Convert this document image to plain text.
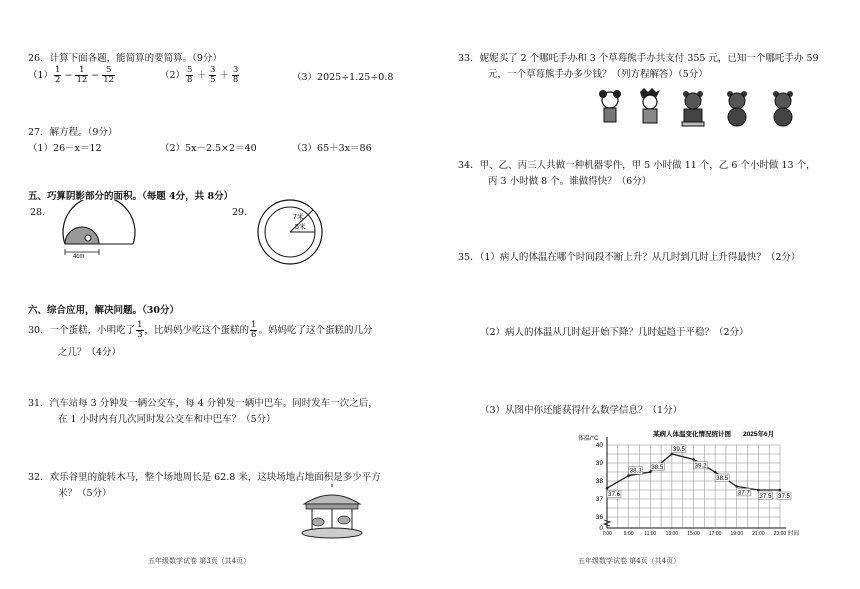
26．计算下面各题，能简算的要简算。（9分）
$(1) \frac{1}{2} - \frac{1}{12} - \frac{5}{12}$	$(2) \frac{5}{8} + \frac{3}{5} + \frac{3}{8}$	（3）2025÷1.25÷0.8
27．解方程。（9分）
（1）26－x＝12	（2）5x－2.5×2＝40	（3）65＋3x＝86
五、巧算阴影部分的面积。（每题 4分，共 8分）
28.	29.
4cm
7米
5米
六、综合应用，解决问题。（30分）
30．一个蛋糕，小明吃了 $\frac{1}{3}$ ，比妈妈少吃这个蛋糕的 $\frac{1}{6}$ 。妈妈吃了这个蛋糕的几分
之几？（4分）
31．汽车站每 3 分钟发一辆公交车，每 4 分钟发一辆中巴车。同时发车一次之后，
在 1 小时内有几次同时发公交车和中巴车？（5分）
32．欢乐谷里的旋转木马，整个场地周长是 62.8 米，这块场地占地面积是多少平方
米？（5分）
五年级数学试卷 第3页（共4页）
33．妮妮买了 2 个哪吒手办和 3 个草莓熊手办共支付 355 元，已知一个哪吒手办 59
元，一个草莓熊手办多少钱？（列方程解答）（5分）
34．甲、乙、丙三人共做一种机器零件，甲 5 小时做 11 个，乙 6 个小时做 13 个，
丙 3 小时做 8 个。谁做得快？（6分）
35．（1）病人的体温在哪个时间段不断上升？从几时到几时上升得最快？（2分）
（2）病人的体温从几时起开始下降？几时起趋于平稳？（2分）
（3）从图中你还能获得什么数学信息？（1分）
某病人体温变化情况统计图 2025年6月
体温/°C
时间
36
37
38
39
40
0
7:00 9:00 11:00 13:00 15:00 17:00 19:00 21:00 23:00
37.6
38.3
38.5
39.5
39.2
38.5
37.7
37.5 37.5
五年级数学试卷 第4页（共4页）
